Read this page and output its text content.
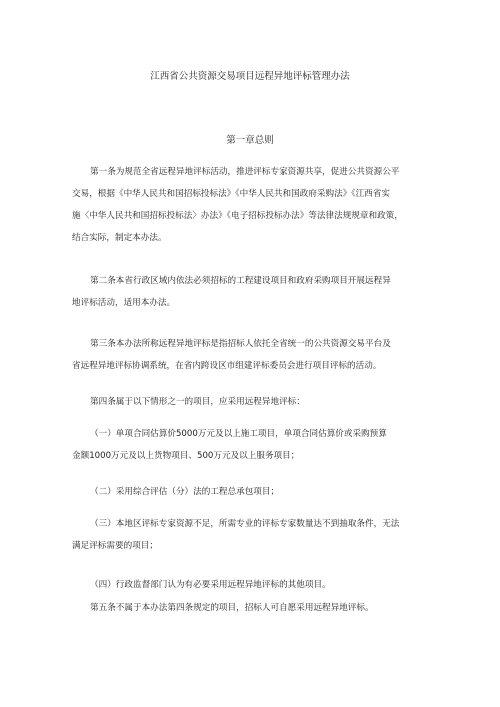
江西省公共资源交易项目远程异地评标管理办法
第一章总则
第一条为规范全省远程异地评标活动，推进评标专家资源共享，促进公共资源公平
交易，根据《中华人民共和国招标投标法》《中华人民共和国政府采购法》《江西省实
施〈中华人民共和国招标投标法〉办法》《电子招标投标办法》等法律法规规章和政策，
结合实际，制定本办法。
第二条本省行政区域内依法必须招标的工程建设项目和政府采购项目开展远程异
地评标活动，适用本办法。
第三条本办法所称远程异地评标是指招标人依托全省统一的公共资源交易平台及
省远程异地评标协调系统，在省内跨设区市组建评标委员会进行项目评标的活动。
第四条属于以下情形之一的项目，应采用远程异地评标：
（一）单项合同估算价5000万元及以上施工项目，单项合同估算价或采购预算
金额1000万元及以上货物项目、500万元及以上服务项目；
（二）采用综合评估（分）法的工程总承包项目；
（三）本地区评标专家资源不足，所需专业的评标专家数量达不到抽取条件，无法
满足评标需要的项目；
（四）行政监督部门认为有必要采用远程异地评标的其他项目。
第五条不属于本办法第四条规定的项目，招标人可自愿采用远程异地评标。
